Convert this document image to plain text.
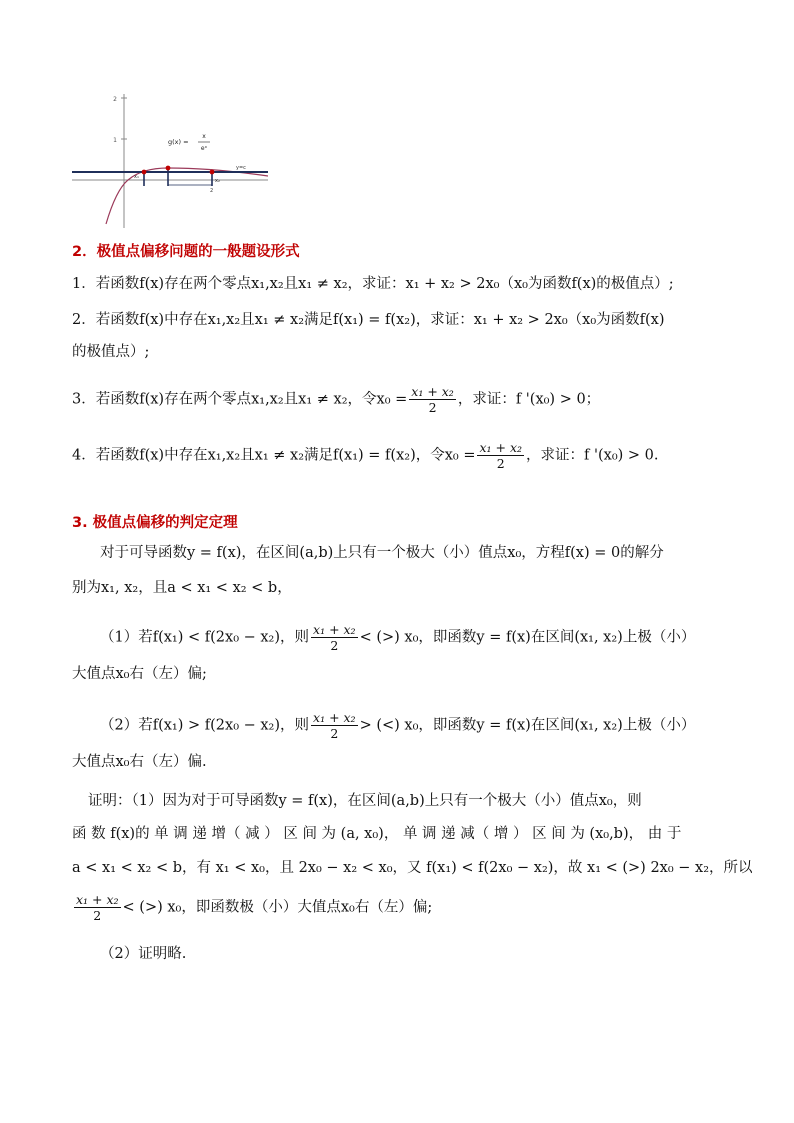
2
1	g(x) =
x
eˣ
y=c
x₁
x₂
2
2．极值点偏移问题的一般题设形式
1．若函数f(x)存在两个零点x₁,x₂且x₁ ≠ x₂，求证：x₁ + x₂ > 2x₀（x₀为函数f(x)的极值点）;
2．若函数f(x)中存在x₁,x₂且x₁ ≠ x₂满足f(x₁) = f(x₂)，求证：x₁ + x₂ > 2x₀（x₀为函数f(x)
的极值点）;
3．若函数f(x)存在两个零点x₁,x₂且x₁ ≠ x₂，令$x_0 = \frac{\text{x₁ + x₂}}{2}$ ，求证：f '(x₀) > 0；
4．若函数f(x)中存在x₁,x₂且x₁ ≠ x₂满足f(x₁) = f(x₂)，令$x_0 = \frac{\text{x₁ + x₂}}{2}$ ，求证：f '(x₀) > 0.
3. 极值点偏移的判定定理
对于可导函数y = f(x)，在区间(a,b)上只有一个极大（小）值点x₀，方程f(x) = 0的解分
别为x₁, x₂，且a < x₁ < x₂ < b，
（1）若f(x₁) < f(2x₀ − x₂)，则 $\frac{\text{x₁ + x₂}}{2}$ < (>) x₀，即函数y = f(x)在区间(x₁, x₂)上极（小）
大值点x₀右（左）偏;
（2）若f(x₁) > f(2x₀ − x₂)，则 $\frac{\text{x₁ + x₂}}{2}$ > (<) x₀，即函数y = f(x)在区间(x₁, x₂)上极（小）
大值点x₀右（左）偏.
证明：（1）因为对于可导函数y = f(x)，在区间(a,b)上只有一个极大（小）值点x₀，则
函 数 f(x)的 单 调 递 增（ 减 ） 区 间 为 (a, x₀)， 单 调 递 减（ 增 ） 区 间 为 (x₀,b)， 由 于
a < x₁ < x₂ < b，有 x₁ < x₀，且 2x₀ − x₂ < x₀，又 f(x₁) < f(2x₀ − x₂)，故 x₁ < (>) 2x₀ − x₂，所以
$\frac{\text{x₁ + x₂}}{2}$ < (>) x₀，即函数极（小）大值点x₀右（左）偏;
（2）证明略.
